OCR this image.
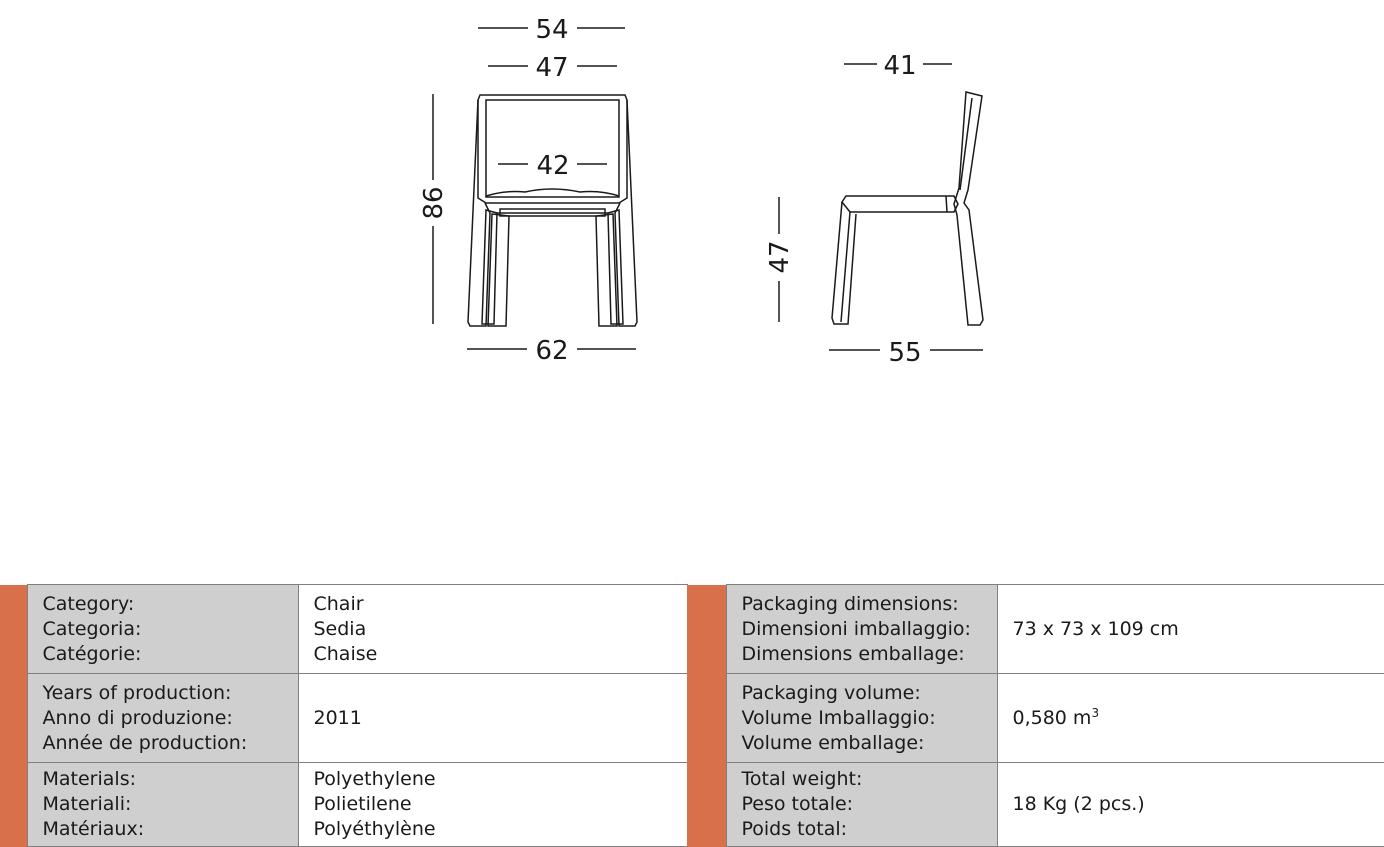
54
47
42
86
62
41
47
55

	Category:
Categoria:
Catégorie:	Chair
Sedia
Chaise

	Years of production:
Anno di produzione:
Année de production:	2011

	Materials:
Materiali:
Matériaux:	Polyethylene
Polietilene
Polyéthylène

	Packaging dimensions:
Dimensioni imballaggio:
Dimensions emballage:	73 x 73 x 109 cm

	Packaging volume:
Volume Imballaggio:
Volume emballage:	0,580 $m^3$

	Total weight:
Peso totale:
Poids total:	18 Kg (2 pcs.)
